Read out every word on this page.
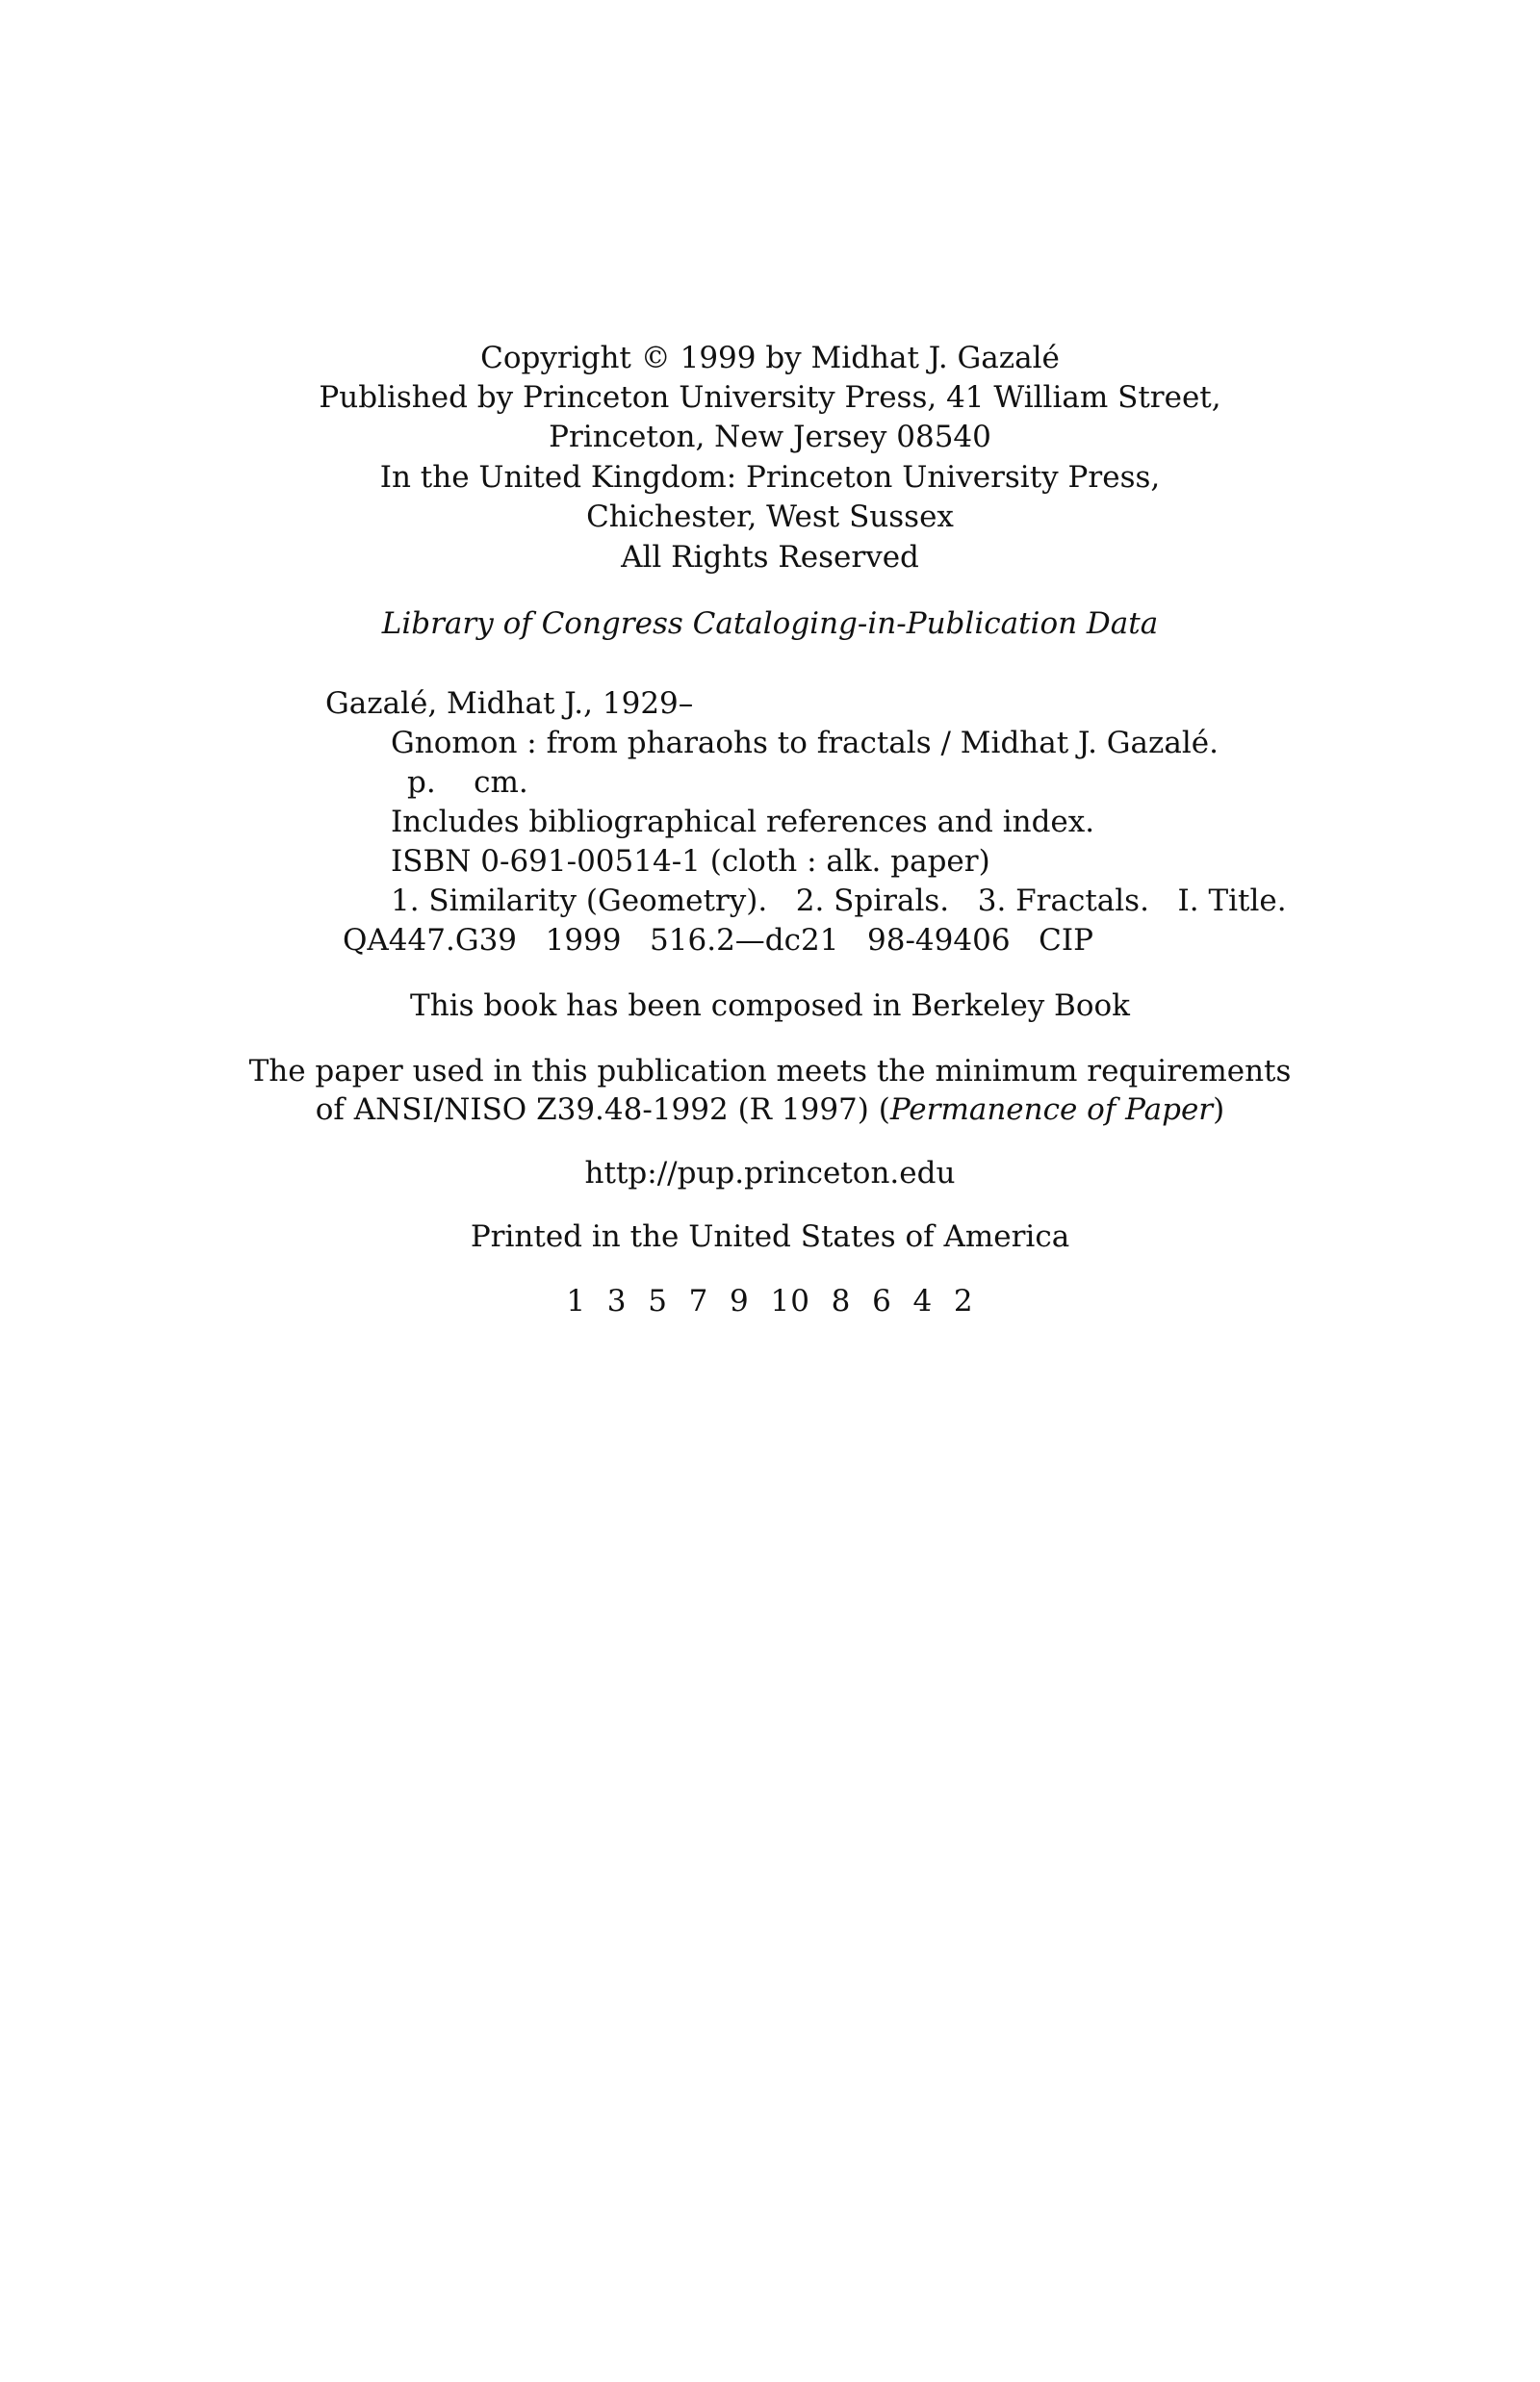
Copyright © 1999 by Midhat J. Gazalé
Published by Princeton University Press, 41 William Street,
Princeton, New Jersey 08540
In the United Kingdom: Princeton University Press,
Chichester, West Sussex
All Rights Reserved
Library of Congress Cataloging-in-Publication Data
Gazalé, Midhat J., 1929–
Gnomon : from pharaohs to fractals / Midhat J. Gazalé.
p.    cm.
Includes bibliographical references and index.
ISBN 0-691-00514-1 (cloth : alk. paper)
1. Similarity (Geometry).   2. Spirals.   3. Fractals.   I. Title.
QA447.G39   1999   516.2—dc21   98-49406   CIP
This book has been composed in Berkeley Book
The paper used in this publication meets the minimum requirements
of ANSI/NISO Z39.48-1992 (R 1997) (Permanence of Paper)
http://pup.princeton.edu
Printed in the United States of America
1  3  5  7  9  10  8  6  4  2
